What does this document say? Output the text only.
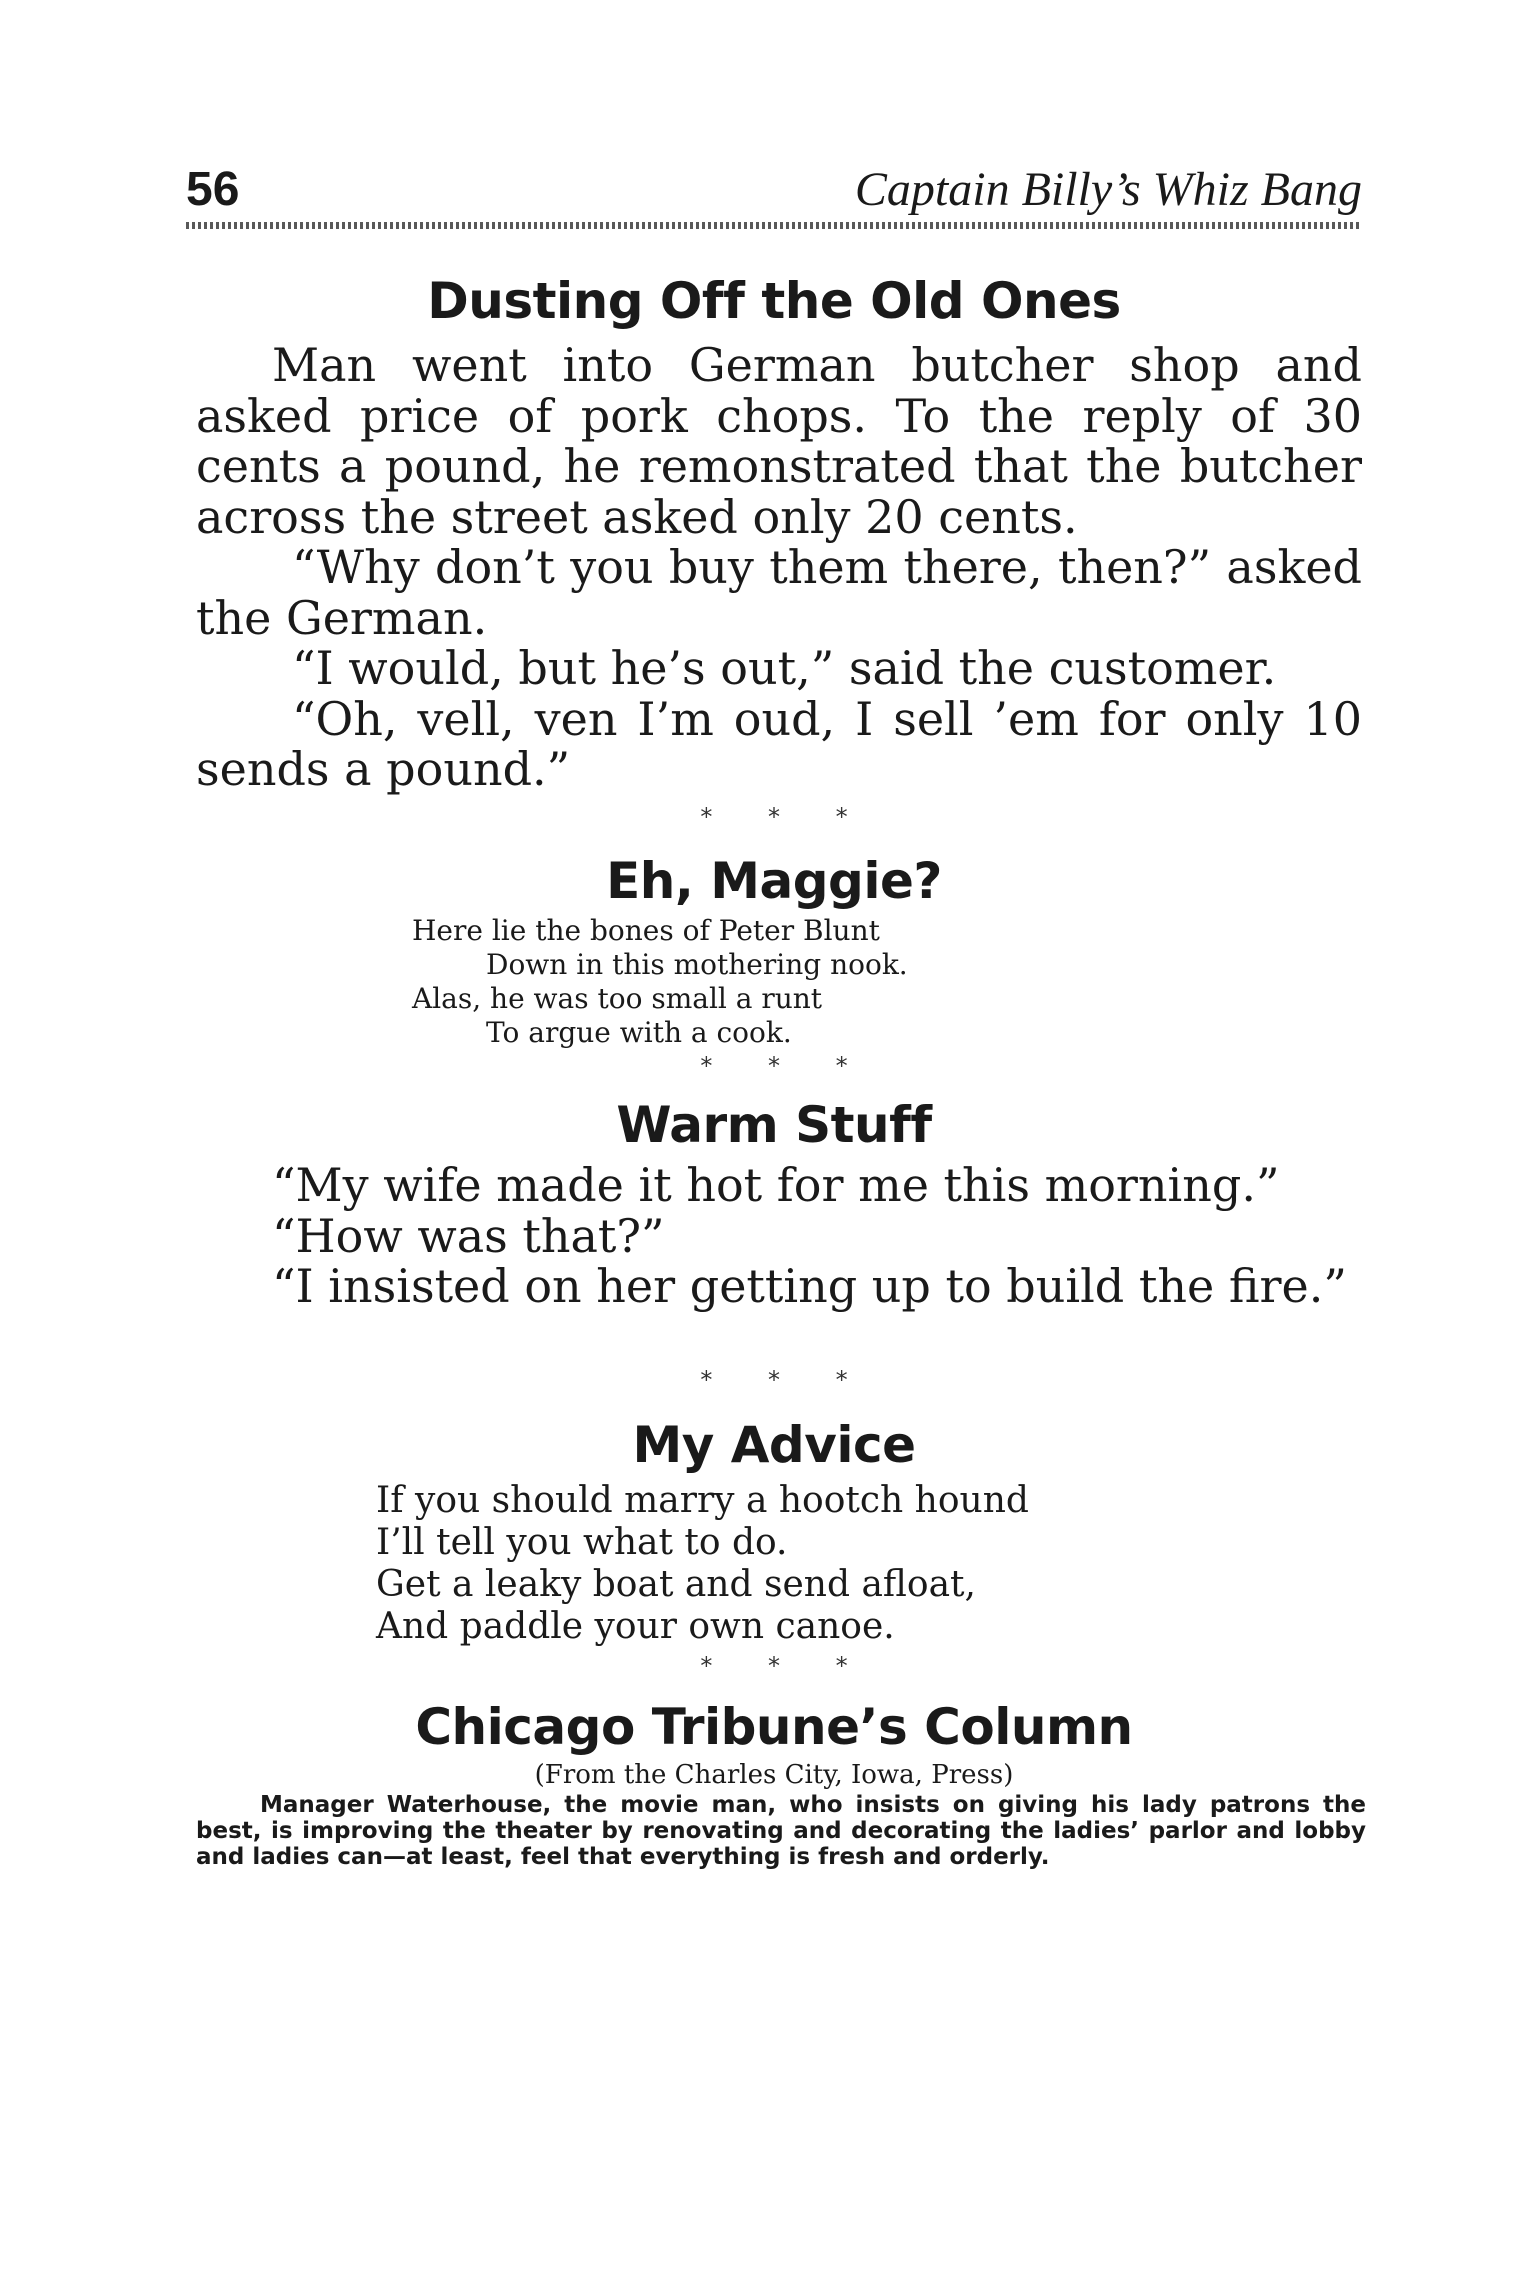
56	Captain Billy’s Whiz Bang
Dusting Off the Old Ones

Man went into German butcher shop and asked price of pork chops. To the reply of 30 cents a pound, he remonstrated that the butcher across the street asked only 20 cents.

“Why don’t you buy them there, then?” asked the German.

“I would, but he’s out,” said the customer.

“Oh, vell, ven I’m oud, I sell ’em for only 10 sends a pound.”

* * *
Eh, Maggie?
Here lie the bones of Peter Blunt
Down in this mothering nook.
Alas, he was too small a runt
To argue with a cook.
* * *
Warm Stuff

“My wife made it hot for me this morning.”

“How was that?”

“I insisted on her getting up to build the fire.”

* * *
My Advice
If you should marry a hootch hound
I’ll tell you what to do.
Get a leaky boat and send afloat,
And paddle your own canoe.
* * *
Chicago Tribune’s Column
(From the Charles City, Iowa, Press)
Manager Waterhouse, the movie man, who insists on giving his lady patrons the best, is improving the theater by renovating and decorating the ladies’ parlor and lobby and ladies can—at least, feel that everything is fresh and orderly.
